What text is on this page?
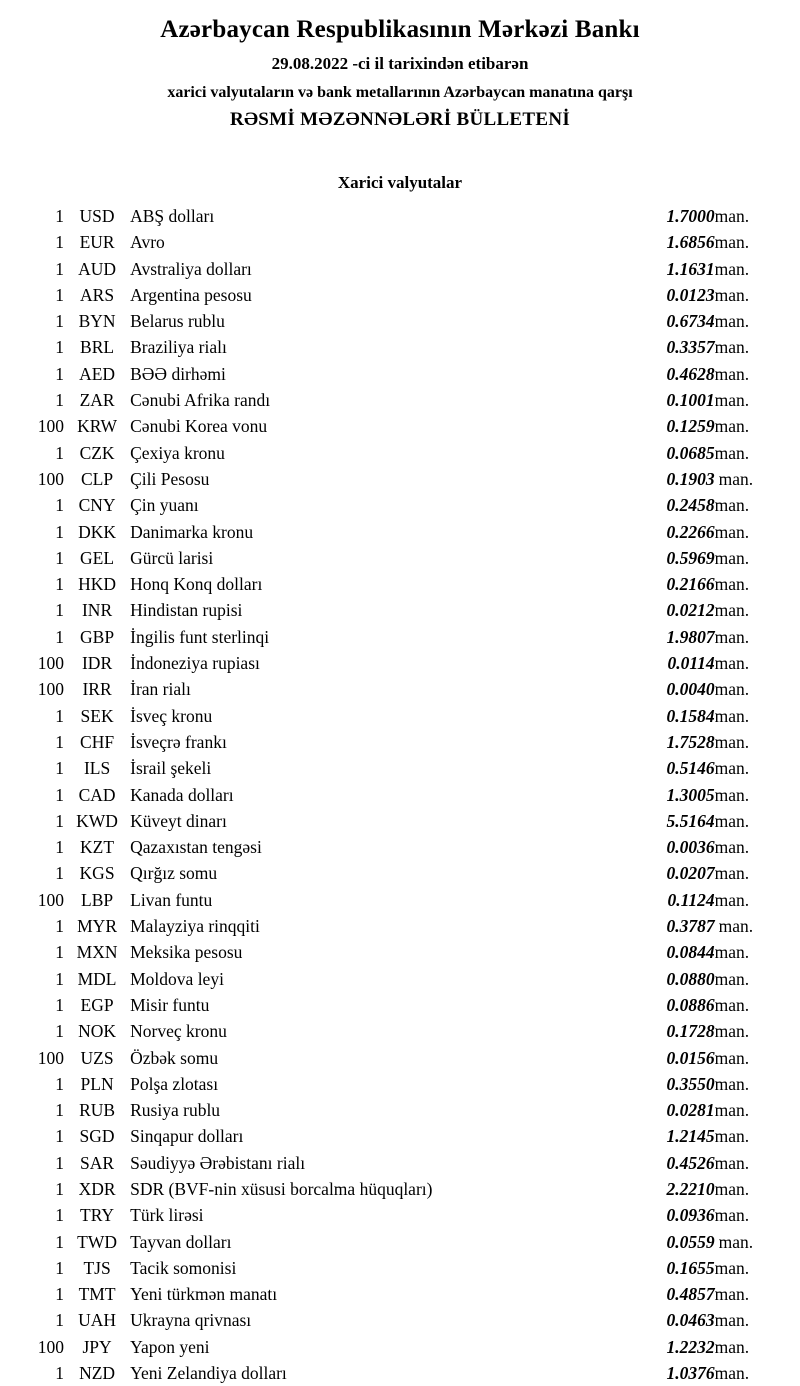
Azərbaycan Respublikasının Mərkəzi Bankı
29.08.2022 -ci il tarixindən etibarən
xarici valyutaların və bank metallarının Azərbaycan manatına qarşı
RƏSMİ MƏZƏNNƏLƏRİ BÜLLETENİ
Xarici valyutalar
1	USD	ABŞ dolları	1.7000	man.
1	EUR	Avro	1.6856	man.
1	AUD	Avstraliya dolları	1.1631	man.
1	ARS	Argentina pesosu	0.0123	man.
1	BYN	Belarus rublu	0.6734	man.
1	BRL	Braziliya rialı	0.3357	man.
1	AED	BƏƏ dirhəmi	0.4628	man.
1	ZAR	Cənubi Afrika randı	0.1001	man.
100	KRW	Cənubi Korea vonu	0.1259	man.
1	CZK	Çexiya kronu	0.0685	man.
100	CLP	Çili Pesosu	0.1903	man.
1	CNY	Çin yuanı	0.2458	man.
1	DKK	Danimarka kronu	0.2266	man.
1	GEL	Gürcü larisi	0.5969	man.
1	HKD	Honq Konq dolları	0.2166	man.
1	INR	Hindistan rupisi	0.0212	man.
1	GBP	İngilis funt sterlinqi	1.9807	man.
100	IDR	İndoneziya rupiası	0.0114	man.
100	IRR	İran rialı	0.0040	man.
1	SEK	İsveç kronu	0.1584	man.
1	CHF	İsveçrə frankı	1.7528	man.
1	ILS	İsrail şekeli	0.5146	man.
1	CAD	Kanada dolları	1.3005	man.
1	KWD	Küveyt dinarı	5.5164	man.
1	KZT	Qazaxıstan tengəsi	0.0036	man.
1	KGS	Qırğız somu	0.0207	man.
100	LBP	Livan funtu	0.1124	man.
1	MYR	Malayziya rinqqiti	0.3787	man.
1	MXN	Meksika pesosu	0.0844	man.
1	MDL	Moldova leyi	0.0880	man.
1	EGP	Misir funtu	0.0886	man.
1	NOK	Norveç kronu	0.1728	man.
100	UZS	Özbək somu	0.0156	man.
1	PLN	Polşa zlotası	0.3550	man.
1	RUB	Rusiya rublu	0.0281	man.
1	SGD	Sinqapur dolları	1.2145	man.
1	SAR	Səudiyyə Ərəbistanı rialı	0.4526	man.
1	XDR	SDR (BVF-nin xüsusi borcalma hüquqları)	2.2210	man.
1	TRY	Türk lirəsi	0.0936	man.
1	TWD	Tayvan dolları	0.0559	man.
1	TJS	Tacik somonisi	0.1655	man.
1	TMT	Yeni türkmən manatı	0.4857	man.
1	UAH	Ukrayna qrivnası	0.0463	man.
100	JPY	Yapon yeni	1.2232	man.
1	NZD	Yeni Zelandiya dolları	1.0376	man.
